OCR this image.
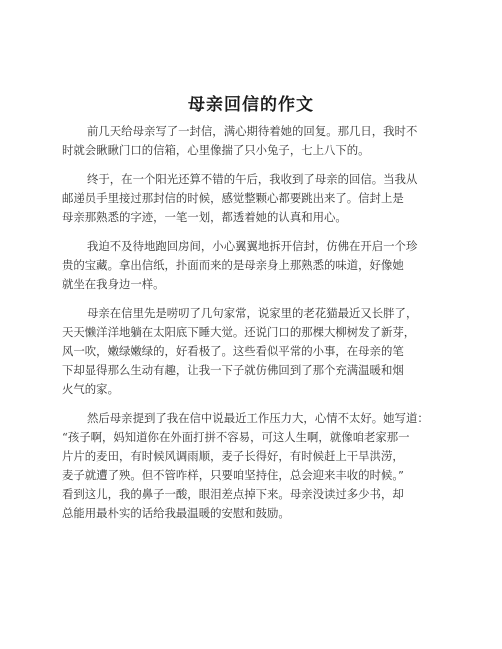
母亲回信的作文
前几天给母亲写了一封信，满心期待着她的回复。那几日，我时不
时就会瞅瞅门口的信箱，心里像揣了只小兔子，七上八下的。
终于，在一个阳光还算不错的午后，我收到了母亲的回信。当我从
邮递员手里接过那封信的时候，感觉整颗心都要跳出来了。信封上是
母亲那熟悉的字迹，一笔一划，都透着她的认真和用心。
我迫不及待地跑回房间，小心翼翼地拆开信封，仿佛在开启一个珍
贵的宝藏。拿出信纸，扑面而来的是母亲身上那熟悉的味道，好像她
就坐在我身边一样。
母亲在信里先是唠叨了几句家常，说家里的老花猫最近又长胖了，
天天懒洋洋地躺在太阳底下睡大觉。还说门口的那棵大柳树发了新芽，
风一吹，嫩绿嫩绿的，好看极了。这些看似平常的小事，在母亲的笔
下却显得那么生动有趣，让我一下子就仿佛回到了那个充满温暖和烟
火气的家。
然后母亲提到了我在信中说最近工作压力大，心情不太好。她写道：
“孩子啊，妈知道你在外面打拼不容易，可这人生啊，就像咱老家那一
片片的麦田，有时候风调雨顺，麦子长得好，有时候赶上干旱洪涝，
麦子就遭了殃。但不管咋样，只要咱坚持住，总会迎来丰收的时候。”
看到这儿，我的鼻子一酸，眼泪差点掉下来。母亲没读过多少书，却
总能用最朴实的话给我最温暖的安慰和鼓励。
